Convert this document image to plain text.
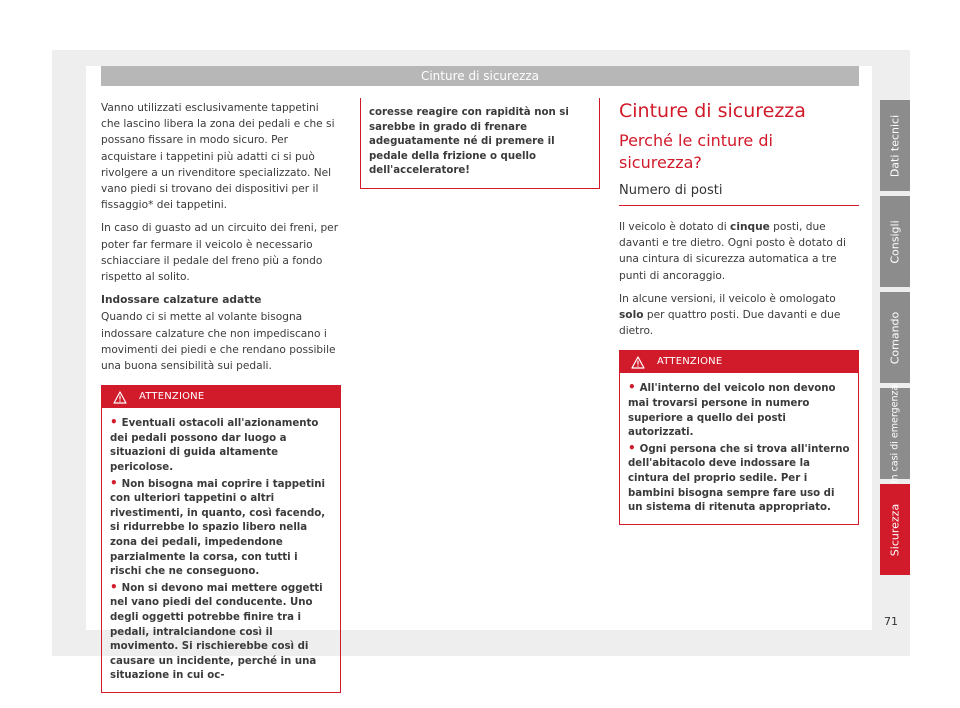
Cinture di sicurezza

Vanno utilizzati esclusivamente tappetini che lascino libera la zona dei pedali e che si possano fissare in modo sicuro. Per acquistare i tappetini più adatti ci si può rivolgere a un rivenditore specializzato. Nel vano piedi si trovano dei dispositivi per il fissaggio* dei tappetini.

In caso di guasto ad un circuito dei freni, per poter far fermare il veicolo è necessario schiacciare il pedale del freno più a fondo rispetto al solito.

Indossare calzature adatte

Quando ci si mette al volante bisogna indossare calzature che non impediscano i movimenti dei piedi e che rendano possibile una buona sensibilità sui pedali.

ATTENZIONE
• Eventuali ostacoli all'azionamento dei pedali possono dar luogo a situazioni di guida altamente pericolose.
• Non bisogna mai coprire i tappetini con ulteriori tappetini o altri rivestimenti, in quanto, così facendo, si ridurrebbe lo spazio libero nella zona dei pedali, impedendone parzialmente la corsa, con tutti i rischi che ne conseguono.
• Non si devono mai mettere oggetti nel vano piedi del conducente. Uno degli oggetti potrebbe finire tra i pedali, intralciandone così il movimento. Si rischierebbe così di causare un incidente, perché in una situazione in cui oc-
coresse reagire con rapidità non si sarebbe in grado di frenare adeguatamente né di premere il pedale della frizione o quello dell'acceleratore!
Cinture di sicurezza
Perché le cinture di sicurezza?
Numero di posti

Il veicolo è dotato di cinque posti, due davanti e tre dietro. Ogni posto è dotato di una cintura di sicurezza automatica a tre punti di ancoraggio.

In alcune versioni, il veicolo è omologato solo per quattro posti. Due davanti e due dietro.

ATTENZIONE
• All'interno del veicolo non devono mai trovarsi persone in numero superiore a quello dei posti autorizzati.
• Ogni persona che si trova all'interno dell'abitacolo deve indossare la cintura del proprio sedile. Per i bambini bisogna sempre fare uso di un sistema di ritenuta appropriato.
Dati tecnici
Consigli
Comando
In casi di emergenza
Sicurezza
71
